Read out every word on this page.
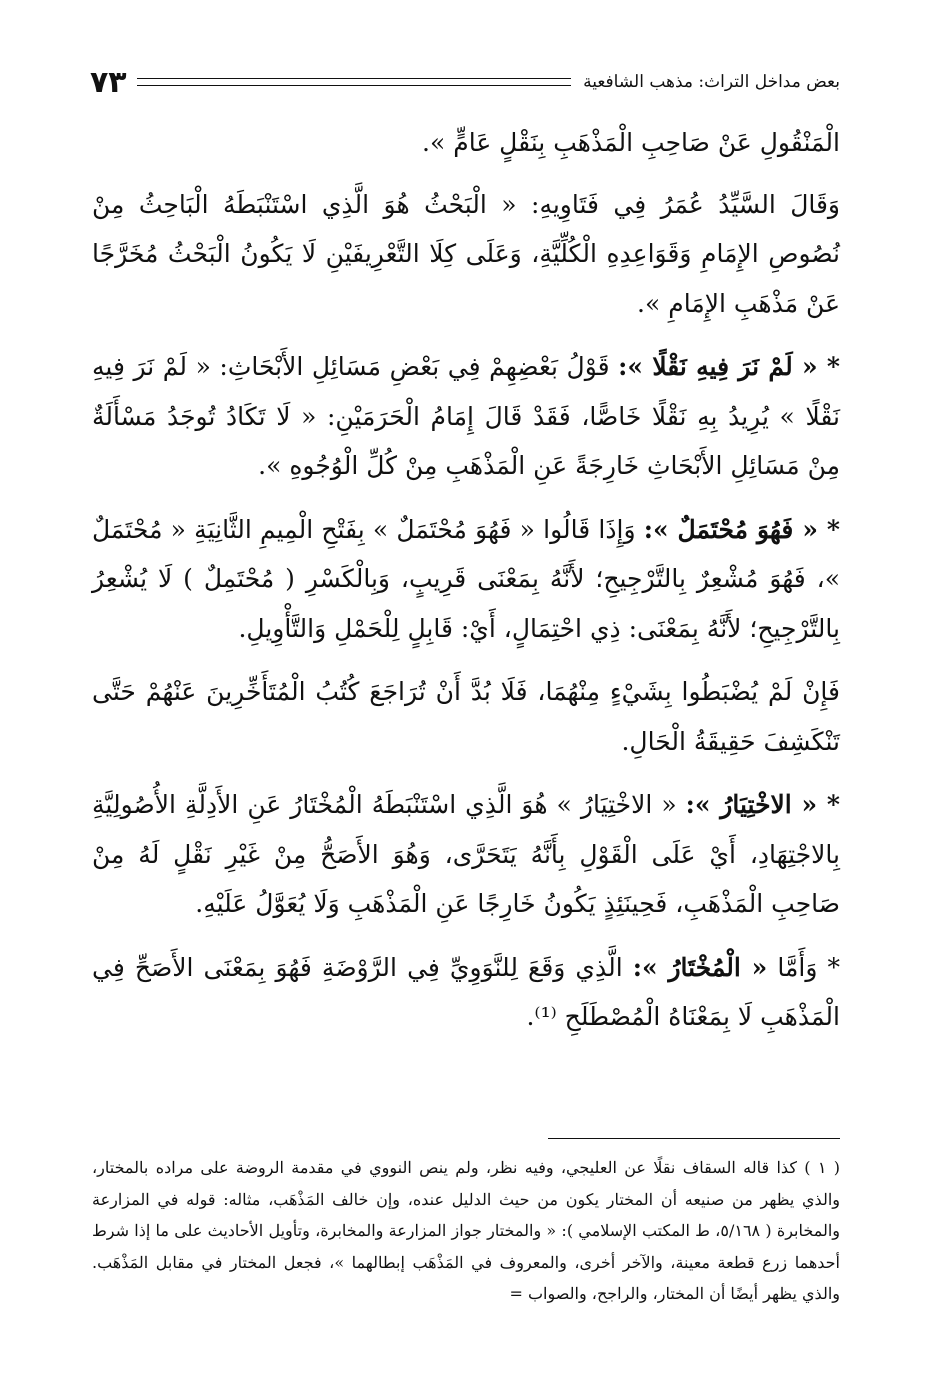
بعض مداخل التراث: مذهب الشافعية
٧٣

الْمَنْقُولِ عَنْ صَاحِبِ الْمَذْهَبِ بِنَقْلٍ عَامٍّ ».

وَقَالَ السَّيِّدُ عُمَرُ فِي فَتَاوِيهِ: « الْبَحْثُ هُوَ الَّذِي اسْتَنْبَطَهُ الْبَاحِثُ مِنْ نُصُوصِ الإِمَامِ وَقَوَاعِدِهِ الْكُلِّيَّةِ، وَعَلَى كِلَا التَّعْرِيفَيْنِ لَا يَكُونُ الْبَحْثُ مُخَرَّجًا عَنْ مَذْهَبِ الإِمَامِ ».

* « لَمْ نَرَ فِيهِ نَقْلًا »: قَوْلُ بَعْضِهِمْ فِي بَعْضِ مَسَائِلِ الأَبْحَاثِ: « لَمْ نَرَ فِيهِ نَقْلًا » يُرِيدُ بِهِ نَقْلًا خَاصًّا، فَقَدْ قَالَ إِمَامُ الْحَرَمَيْنِ: « لَا تَكَادُ تُوجَدُ مَسْأَلَةٌ مِنْ مَسَائِلِ الأَبْحَاثِ خَارِجَةً عَنِ الْمَذْهَبِ مِنْ كُلِّ الْوُجُوهِ ».

* « فَهُوَ مُحْتَمَلٌ »: وَإِذَا قَالُوا « فَهُوَ مُحْتَمَلٌ » بِفَتْحِ الْمِيمِ الثَّانِيَةِ « مُحْتَمَلٌ »، فَهُوَ مُشْعِرٌ بِالتَّرْجِيحِ؛ لأَنَّهُ بِمَعْنَى قَرِيبٍ، وَبِالْكَسْرِ ( مُحْتَمِلٌ ) لَا يُشْعِرُ بِالتَّرْجِيحِ؛ لأَنَّهُ بِمَعْنَى: ذِي احْتِمَالٍ، أَيْ: قَابِلٍ لِلْحَمْلِ وَالتَّأْوِيلِ.

فَإِنْ لَمْ يُضْبَطُوا بِشَيْءٍ مِنْهُمَا، فَلَا بُدَّ أَنْ تُرَاجَعَ كُتُبُ الْمُتَأَخِّرِينَ عَنْهُمْ حَتَّى تَنْكَشِفَ حَقِيقَةُ الْحَالِ.

* « الاخْتِيَارُ »: « الاخْتِيَارُ » هُوَ الَّذِي اسْتَنْبَطَهُ الْمُخْتَارُ عَنِ الأَدِلَّةِ الأُصُولِيَّةِ بِالاجْتِهَادِ، أَيْ عَلَى الْقَوْلِ بِأَنَّهُ يَتَحَرَّى، وَهُوَ الأَصَحُّ مِنْ غَيْرِ نَقْلٍ لَهُ مِنْ صَاحِبِ الْمَذْهَبِ، فَحِينَئِذٍ يَكُونُ خَارِجًا عَنِ الْمَذْهَبِ وَلَا يُعَوَّلُ عَلَيْهِ.

* وَأَمَّا « الْمُخْتَارُ »: الَّذِي وَقَعَ لِلنَّوَوِيِّ فِي الرَّوْضَةِ فَهُوَ بِمَعْنَى الأَصَحِّ فِي الْمَذْهَبِ لَا بِمَعْنَاهُ الْمُصْطَلَحِ ⁽¹⁾.

( ١ ) كذا قاله السقاف نقلًا عن العليجي، وفيه نظر، ولم ينص النووي في مقدمة الروضة على مراده بالمختار، والذي يظهر من صنيعه أن المختار يكون من حيث الدليل عنده، وإن خالف المَذْهَب، مثاله: قوله في المزارعة والمخابرة ( ٥/١٦٨، ط المكتب الإسلامي ): « والمختار جواز المزارعة والمخابرة، وتأويل الأحاديث على ما إذا شرط أحدهما زرع قطعة معينة، والآخر أخرى، والمعروف في المَذْهَب إبطالهما »، فجعل المختار في مقابل المَذْهَب. والذي يظهر أيضًا أن المختار، والراجح، والصواب =
